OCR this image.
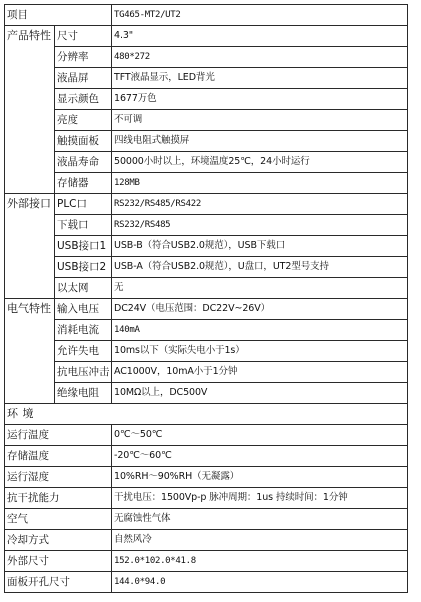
项目		TG465-MT2/UT2
产品特性	尺寸	4.3"
	分辨率	480*272
	液晶屏	TFT液晶显示，LED背光
	显示颜色	1677万色
	亮度	不可调
	触摸面板	四线电阻式触摸屏
	液晶寿命	50000小时以上，环境温度25℃，24小时运行
	存储器	128MB
外部接口	PLC口	RS232/RS485/RS422
	下载口	RS232/RS485
	USB接口1	USB-B（符合USB2.0规范），USB下载口
	USB接口2	USB-A（符合USB2.0规范），U盘口，UT2型号支持
	以太网	无
电气特性	输入电压	DC24V（电压范围：DC22V~26V）
	消耗电流	140mA
	允许失电	10ms以下（实际失电小于1s）
	抗电压冲击	AC1000V，10mA小于1分钟
	绝缘电阻	10MΩ以上，DC500V
环 境		
运行温度		0℃～50℃
存储温度		-20℃～60℃
运行湿度		10%RH～90%RH（无凝露）
抗干扰能力		干扰电压：1500Vp-p 脉冲周期：1us 持续时间：1分钟
空气		无腐蚀性气体
冷却方式		自然风冷
外部尺寸		152.0*102.0*41.8
面板开孔尺寸		144.0*94.0
